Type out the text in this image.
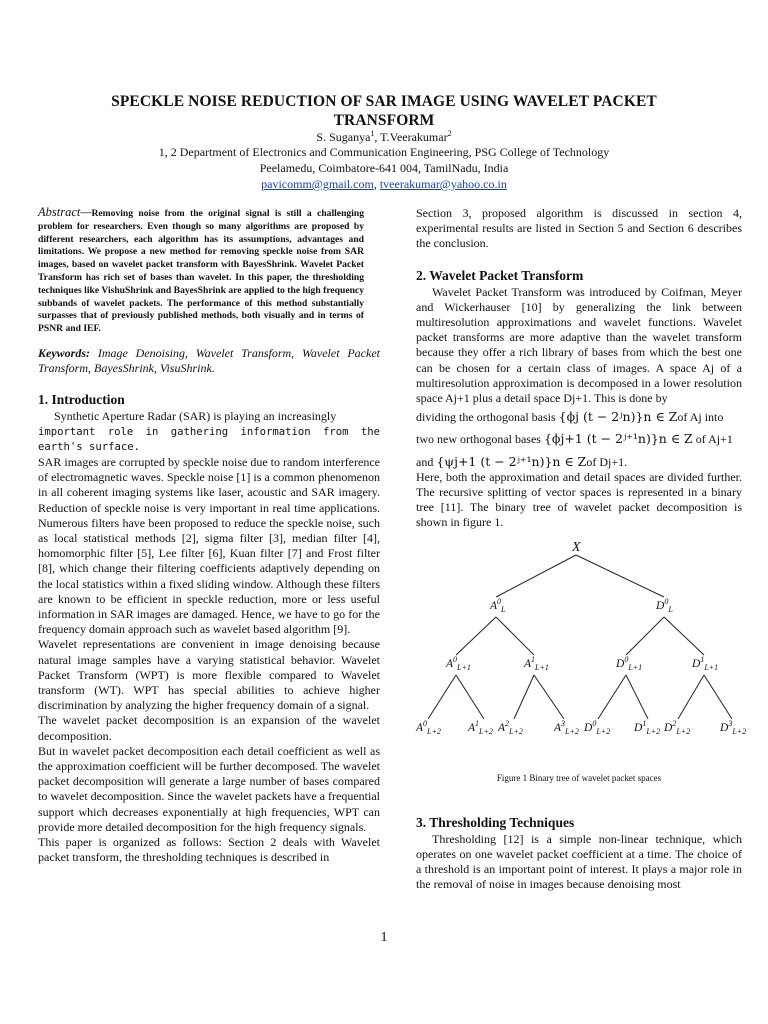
SPECKLE NOISE REDUCTION OF SAR IMAGE USING WAVELET PACKET TRANSFORM
S. Suganya$^1$, T.Veerakumar$^2$
1, 2 Department of Electronics and Communication Engineering, PSG College of Technology
Peelamedu, Coimbatore-641 004, TamilNadu, India
pavicomm@gmail.com, tveerakumar@yahoo.co.in
Abstract—Removing noise from the original signal is still a challenging problem for researchers. Even though so many algorithms are proposed by different researchers, each algorithm has its assumptions, advantages and limitations. We propose a new method for removing speckle noise from SAR images, based on wavelet packet transform with BayesShrink. Wavelet Packet Transform has rich set of bases than wavelet. In this paper, the thresholding techniques like VishuShrink and BayesShrink are applied to the high frequency subbands of wavelet packets. The performance of this method substantially surpasses that of previously published methods, both visually and in terms of PSNR and IEF.
Keywords: Image Denoising, Wavelet Transform, Wavelet Packet Transform, BayesShrink, VisuShrink.
1. Introduction

Synthetic Aperture Radar (SAR) is playing an increasingly

important role in gathering information from the earth's surface.

SAR images are corrupted by speckle noise due to random interference of electromagnetic waves. Speckle noise [1] is a common phenomenon in all coherent imaging systems like laser, acoustic and SAR imagery. Reduction of speckle noise is very important in real time applications. Numerous filters have been proposed to reduce the speckle noise, such as local statistical methods [2], sigma filter [3], median filter [4], homomorphic filter [5], Lee filter [6], Kuan filter [7] and Frost filter [8], which change their filtering coefficients adaptively depending on the local statistics within a fixed sliding window. Although these filters are known to be efficient in speckle reduction, more or less useful information in SAR images are damaged. Hence, we have to go for the frequency domain approach such as wavelet based algorithm [9].

Wavelet representations are convenient in image denoising because natural image samples have a varying statistical behavior. Wavelet Packet Transform (WPT) is more flexible compared to Wavelet transform (WT). WPT has special abilities to achieve higher discrimination by analyzing the higher frequency domain of a signal.

The wavelet packet decomposition is an expansion of the wavelet decomposition.

But in wavelet packet decomposition each detail coefficient as well as the approximation coefficient will be further decomposed. The wavelet packet decomposition will generate a large number of bases compared to wavelet decomposition. Since the wavelet packets have a frequential support which decreases exponentially at high frequencies, WPT can provide more detailed decomposition for the high frequency signals.

This paper is organized as follows: Section 2 deals with Wavelet packet transform, the thresholding techniques is described in

Section 3, proposed algorithm is discussed in section 4, experimental results are listed in Section 5 and Section 6 describes the conclusion.

2. Wavelet Packet Transform

Wavelet Packet Transform was introduced by Coifman, Meyer and Wickerhauser [10] by generalizing the link between multiresolution approximations and wavelet functions. Wavelet packet transforms are more adaptive than the wavelet transform because they offer a rich library of bases from which the best one can be chosen for a certain class of images. A space Aj of a multiresolution approximation is decomposed in a lower resolution space Aj+1 plus a detail space Dj+1. This is done by

dividing the orthogonal basis {ϕj (t − 2ʲn)}n ∈ Zof Aj into

two new orthogonal bases {ϕj+1 (t − 2ʲ⁺¹n)}n ∈ Z of Aj+1

and {ψj+1 (t − 2ʲ⁺¹n)}n ∈ Zof Dj+1.

Here, both the approximation and detail spaces are divided further. The recursive splitting of vector spaces is represented in a binary tree [11]. The binary tree of wavelet packet decomposition is shown in figure 1.

X
$A^0_L$	$D^0_L$
$A^0_{L+1}$	$A^1_{L+1}$	$D^0_{L+1}$	$D^1_{L+1}$
$A^0_{L+2}$ $A^1_{L+2}$ $A^2_{L+2}$	$A^3_{L+2}$ $D^0_{L+2}$ $D^1_{L+2}$ $D^2_{L+2}$	$D^3_{L+2}$
Figure 1 Binary tree of wavelet packet spaces
3. Thresholding Techniques

Thresholding [12] is a simple non-linear technique, which operates on one wavelet packet coefficient at a time. The choice of a threshold is an important point of interest. It plays a major role in the removal of noise in images because denoising most

1
